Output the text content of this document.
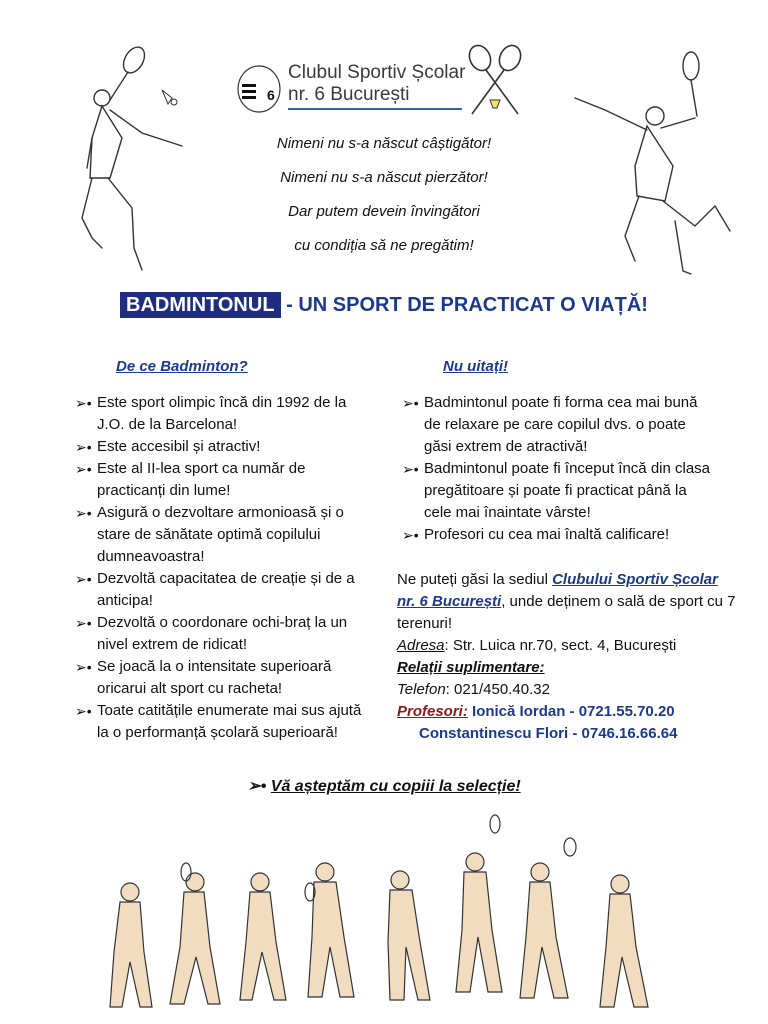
6
Clubul Sportiv Școlar
nr. 6 București
Nimeni nu s-a născut câștigător!
Nimeni nu s-a născut pierzător!
Dar putem devein învingători
cu condiția să ne pregătim!
BADMINTONUL - UN SPORT DE PRACTICAT O VIAȚĂ!
De ce Badminton?
➢• Este sport olimpic încă din 1992 de la J.O. de la Barcelona!
➢• Este accesibil și atractiv!
➢• Este al II-lea sport ca număr de practicanți din lume!
➢• Asigură o dezvoltare armonioasă și o stare de sănătate optimă copilului dumneavoastra!
➢• Dezvoltă capacitatea de creație și de a anticipa!
➢• Dezvoltă o coordonare ochi-braț la un nivel extrem de ridicat!
➢• Se joacă la o intensitate superioară oricarui alt sport cu racheta!
➢• Toate catitățile enumerate mai sus ajută la o performanță școlară superioară!
Nu uitați!
➢• Badmintonul poate fi forma cea mai bună de relaxare pe care copilul dvs. o poate găsi extrem de atractivă!
➢• Badmintonul poate fi început încă din clasa pregătitoare și poate fi practicat până la cele mai înaintate vârste!
➢• Profesori cu cea mai înaltă calificare!
Ne puteți găsi la sediul Clubului Sportiv Școlar nr. 6 București, unde deținem o sală de sport cu 7 terenuri!
Adresa: Str. Luica nr.70, sect. 4, București
Relații suplimentare:
Telefon: 021/450.40.32
Profesori: Ionică Iordan - 0721.55.70.20
Constantinescu Flori - 0746.16.66.64
➢• Vă așteptăm cu copiii la selecție!
